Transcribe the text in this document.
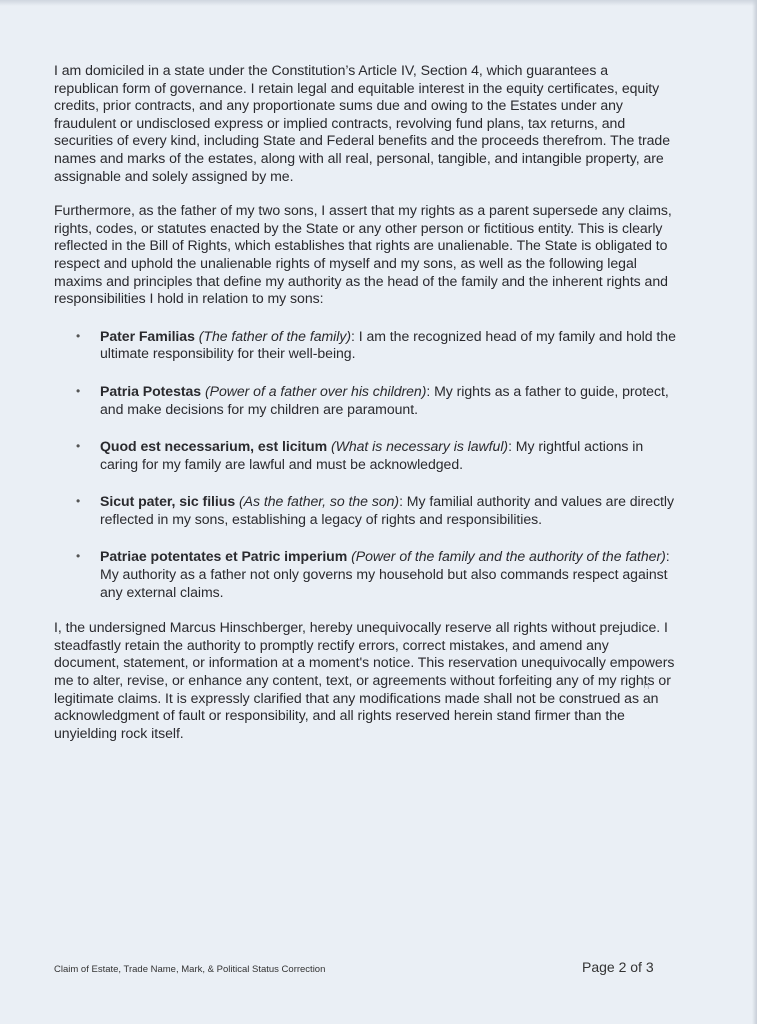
I am domiciled in a state under the Constitution’s Article IV, Section 4, which guarantees a republican form of governance. I retain legal and equitable interest in the equity certificates, equity credits, prior contracts, and any proportionate sums due and owing to the Estates under any fraudulent or undisclosed express or implied contracts, revolving fund plans, tax returns, and securities of every kind, including State and Federal benefits and the proceeds therefrom. The trade names and marks of the estates, along with all real, personal, tangible, and intangible property, are assignable and solely assigned by me.

Furthermore, as the father of my two sons, I assert that my rights as a parent supersede any claims, rights, codes, or statutes enacted by the State or any other person or fictitious entity. This is clearly reflected in the Bill of Rights, which establishes that rights are unalienable. The State is obligated to respect and uphold the unalienable rights of myself and my sons, as well as the following legal maxims and principles that define my authority as the head of the family and the inherent rights and responsibilities I hold in relation to my sons:

• Pater Familias (The father of the family): I am the recognized head of my family and hold the ultimate responsibility for their well-being.
• Patria Potestas (Power of a father over his children): My rights as a father to guide, protect, and make decisions for my children are paramount.
• Quod est necessarium, est licitum (What is necessary is lawful): My rightful actions in caring for my family are lawful and must be acknowledged.
• Sicut pater, sic filius (As the father, so the son): My familial authority and values are directly reflected in my sons, establishing a legacy of rights and responsibilities.
• Patriae potentates et Patric imperium (Power of the family and the authority of the father): My authority as a father not only governs my household but also commands respect against any external claims.

I, the undersigned Marcus Hinschberger, hereby unequivocally reserve all rights without prejudice. I steadfastly retain the authority to promptly rectify errors, correct mistakes, and amend any document, statement, or information at a moment's notice. This reservation unequivocally empowers me to alter, revise, or enhance any content, text, or agreements without forfeiting any of my rights or legitimate claims. It is expressly clarified that any modifications made shall not be construed as an acknowledgment of fault or responsibility, and all rights reserved herein stand firmer than the unyielding rock itself.

Claim of Estate, Trade Name, Mark, & Political Status Correction	Page 2 of 3
